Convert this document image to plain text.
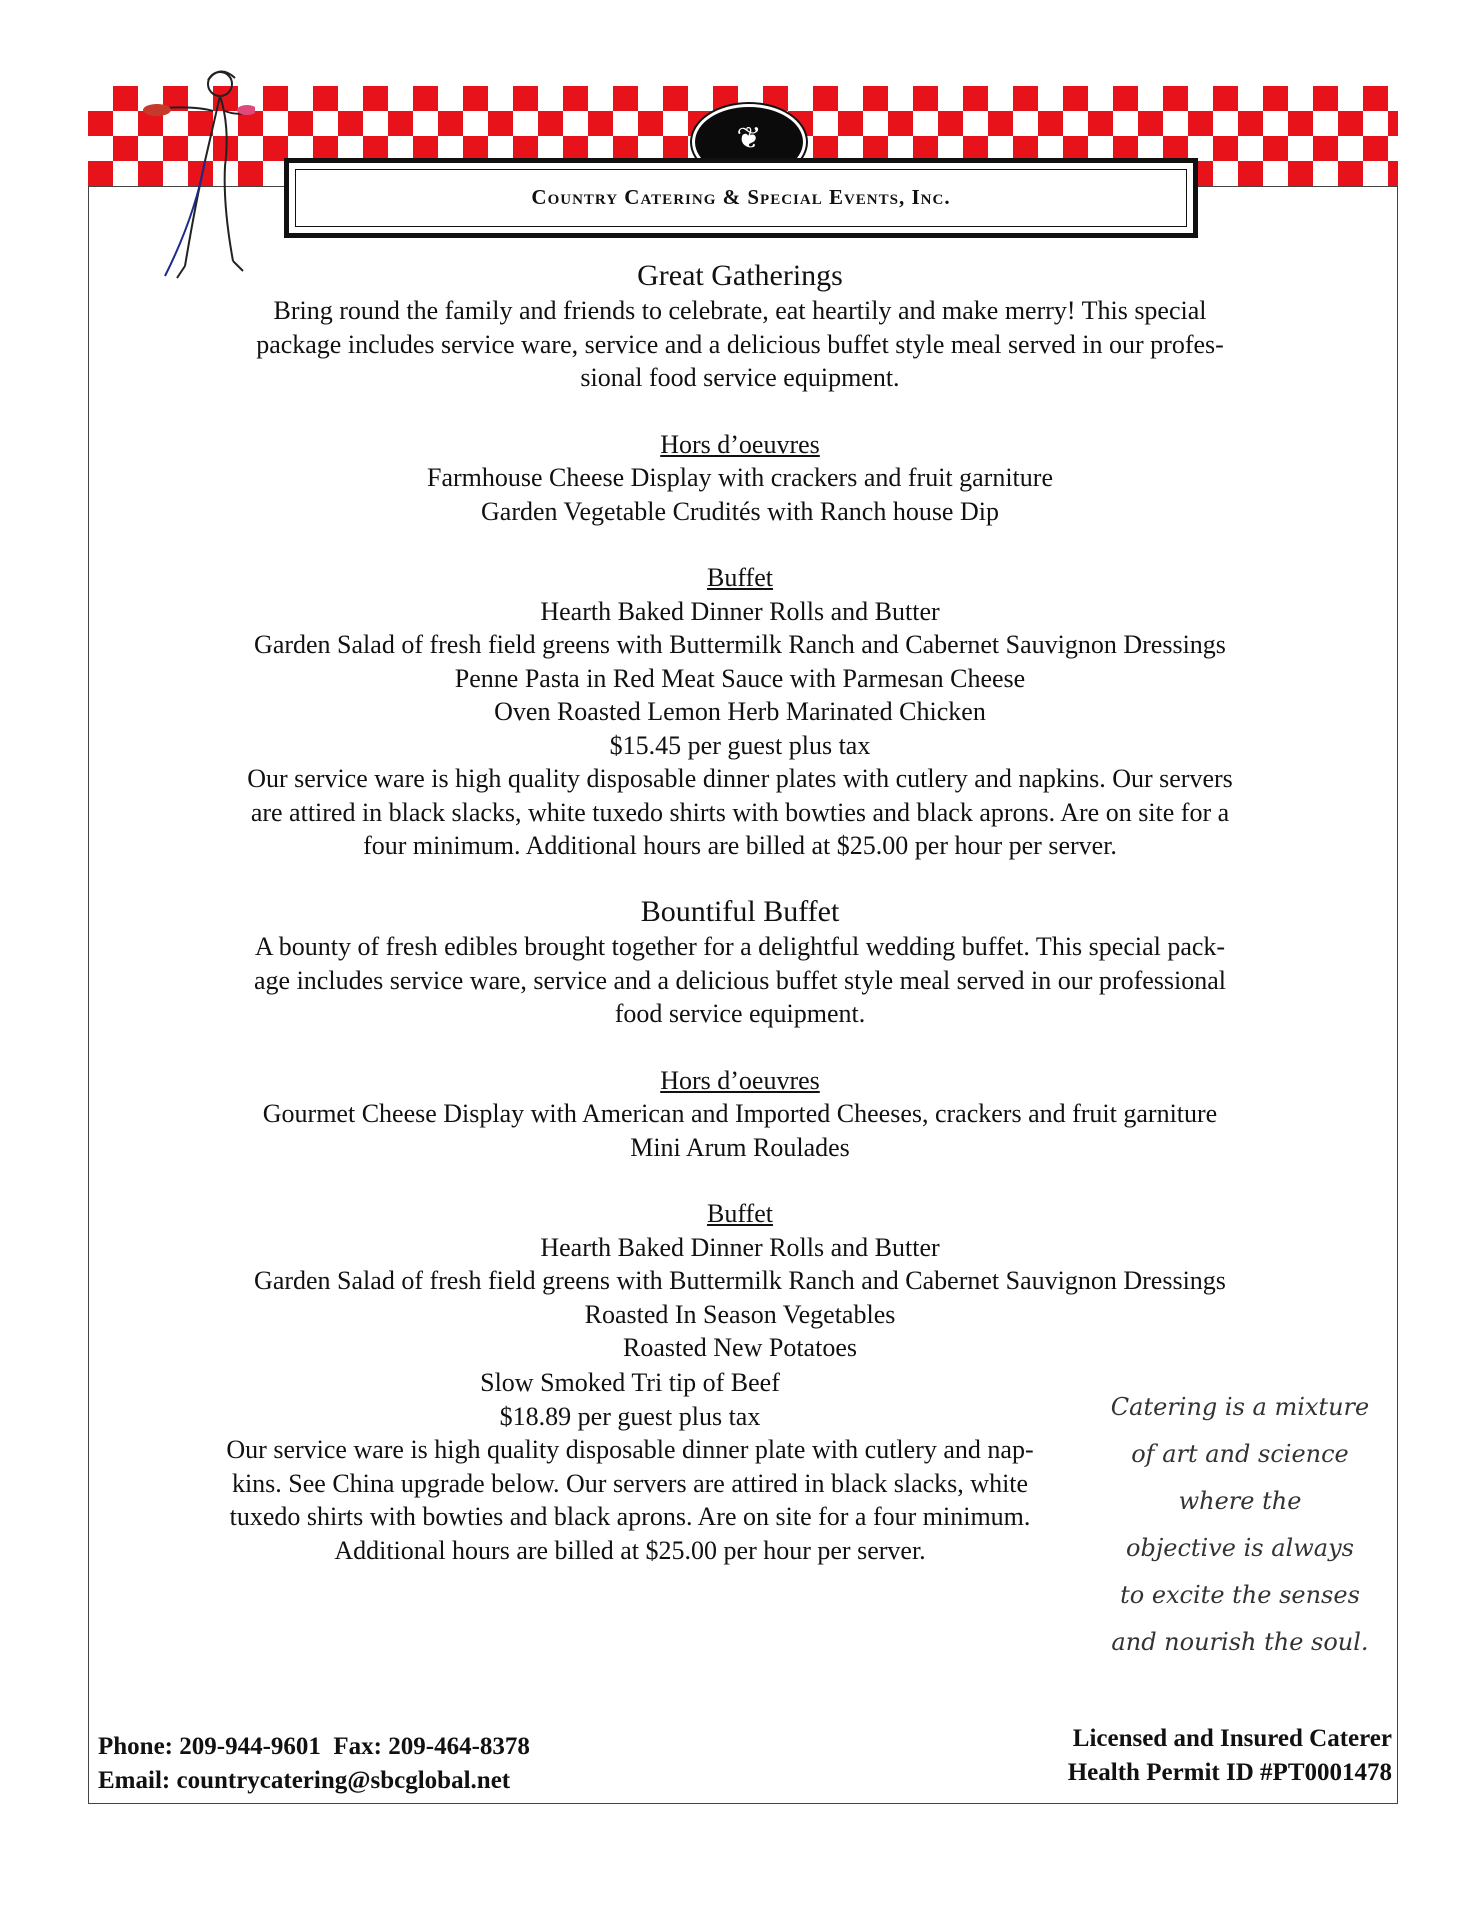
❦
Country Catering & Special Events, Inc.

Great Gatherings

Bring round the family and friends to celebrate, eat heartily and make merry! This special

package includes service ware, service and a delicious buffet style meal served in our profes-

sional food service equipment.

Hors d’oeuvres

Farmhouse Cheese Display with crackers and fruit garniture

Garden Vegetable Crudités with Ranch house Dip

Buffet

Hearth Baked Dinner Rolls and Butter

Garden Salad of fresh field greens with Buttermilk Ranch and Cabernet Sauvignon Dressings

Penne Pasta in Red Meat Sauce with Parmesan Cheese

Oven Roasted Lemon Herb Marinated Chicken

$15.45 per guest plus tax

Our service ware is high quality disposable dinner plates with cutlery and napkins. Our servers

are attired in black slacks, white tuxedo shirts with bowties and black aprons. Are on site for a

four minimum. Additional hours are billed at $25.00 per hour per server.

Bountiful Buffet

A bounty of fresh edibles brought together for a delightful wedding buffet. This special pack-

age includes service ware, service and a delicious buffet style meal served in our professional

food service equipment.

Hors d’oeuvres

Gourmet Cheese Display with American and Imported Cheeses, crackers and fruit garniture

Mini Arum Roulades

Buffet

Hearth Baked Dinner Rolls and Butter

Garden Salad of fresh field greens with Buttermilk Ranch and Cabernet Sauvignon Dressings

Roasted In Season Vegetables

Roasted New Potatoes

Slow Smoked Tri tip of Beef

$18.89 per guest plus tax

Our service ware is high quality disposable dinner plate with cutlery and nap-

kins. See China upgrade below. Our servers are attired in black slacks, white

tuxedo shirts with bowties and black aprons. Are on site for a four minimum.

Additional hours are billed at $25.00 per hour per server.

Catering is a mixture
of art and science
where the
objective is always
to excite the senses
and nourish the soul.
Phone: 209-944-9601  Fax: 209-464-8378
Email: countrycatering@sbcglobal.net
Licensed and Insured Caterer
Health Permit ID #PT0001478
